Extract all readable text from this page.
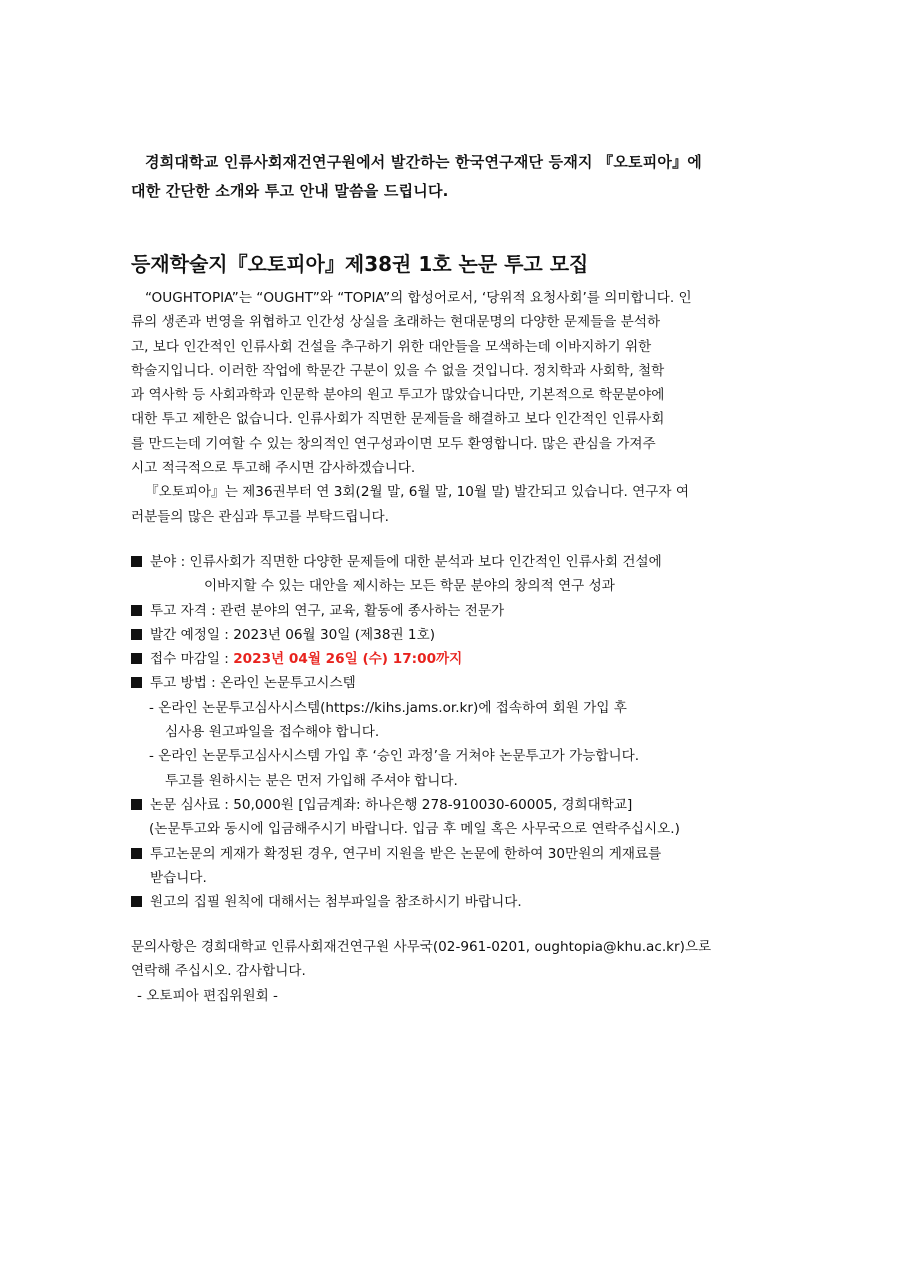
경희대학교 인류사회재건연구원에서 발간하는 한국연구재단 등재지 『오토피아』에
대한 간단한 소개와 투고 안내 말씀을 드립니다.
등재학술지『오토피아』제38권 1호 논문 투고 모집
“OUGHTOPIA”는 “OUGHT”와 “TOPIA”의 합성어로서, ‘당위적 요청사회’를 의미합니다. 인
류의 생존과 번영을 위협하고 인간성 상실을 초래하는 현대문명의 다양한 문제들을 분석하
고, 보다 인간적인 인류사회 건설을 추구하기 위한 대안들을 모색하는데 이바지하기 위한
학술지입니다. 이러한 작업에 학문간 구분이 있을 수 없을 것입니다. 정치학과 사회학, 철학
과 역사학 등 사회과학과 인문학 분야의 원고 투고가 많았습니다만, 기본적으로 학문분야에
대한 투고 제한은 없습니다. 인류사회가 직면한 문제들을 해결하고 보다 인간적인 인류사회
를 만드는데 기여할 수 있는 창의적인 연구성과이면 모두 환영합니다. 많은 관심을 가져주
시고 적극적으로 투고해 주시면 감사하겠습니다.
『오토피아』는 제36권부터 연 3회(2월 말, 6월 말, 10월 말) 발간되고 있습니다. 연구자 여
러분들의 많은 관심과 투고를 부탁드립니다.
분야 : 인류사회가 직면한 다양한 문제들에 대한 분석과 보다 인간적인 인류사회 건설에
이바지할 수 있는 대안을 제시하는 모든 학문 분야의 창의적 연구 성과
투고 자격 : 관련 분야의 연구, 교육, 활동에 종사하는 전문가
발간 예정일 : 2023년 06월 30일 (제38권 1호)
접수 마감일 : 2023년 04월 26일 (수) 17:00까지
투고 방법 : 온라인 논문투고시스템
- 온라인 논문투고심사시스템(https://kihs.jams.or.kr)에 접속하여 회원 가입 후
심사용 원고파일을 접수해야 합니다.
- 온라인 논문투고심사시스템 가입 후 ‘승인 과정’을 거쳐야 논문투고가 가능합니다.
투고를 원하시는 분은 먼저 가입해 주셔야 합니다.
논문 심사료 : 50,000원 [입금계좌: 하나은행 278-910030-60005, 경희대학교]
(논문투고와 동시에 입금해주시기 바랍니다. 입금 후 메일 혹은 사무국으로 연락주십시오.)
투고논문의 게재가 확정된 경우, 연구비 지원을 받은 논문에 한하여 30만원의 게재료를
받습니다.
원고의 집필 원칙에 대해서는 첨부파일을 참조하시기 바랍니다.
문의사항은 경희대학교 인류사회재건연구원 사무국(02-961-0201, oughtopia@khu.ac.kr)으로
연락해 주십시오. 감사합니다.
- 오토피아 편집위원회 -
